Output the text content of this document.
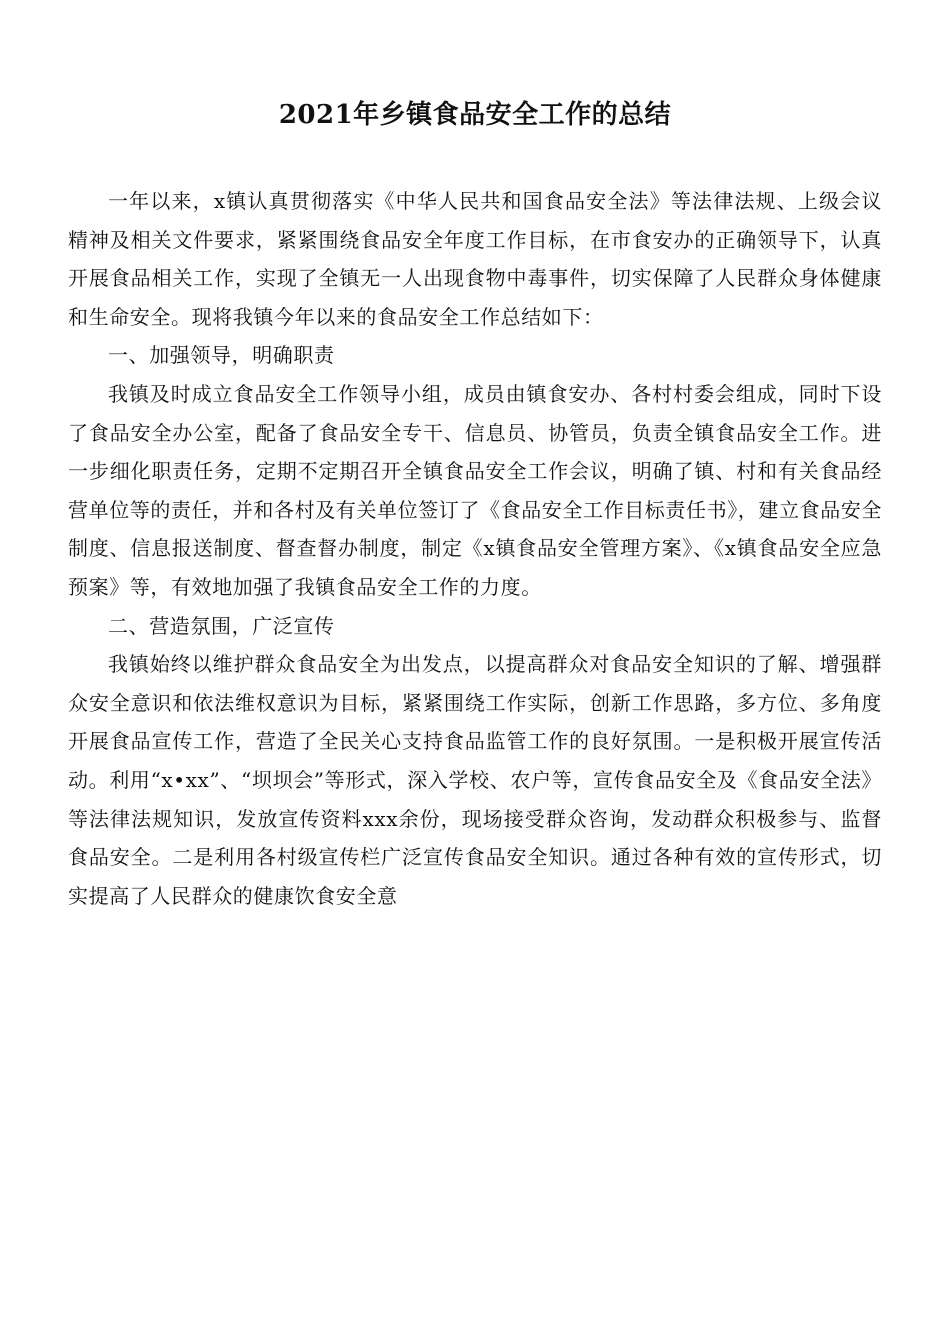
2021年乡镇食品安全工作的总结

一年以来，x镇认真贯彻落实《中华人民共和国食品安全法》等法律法规、上级会议精神及相关文件要求，紧紧围绕食品安全年度工作目标，在市食安办的正确领导下，认真开展食品相关工作，实现了全镇无一人出现食物中毒事件，切实保障了人民群众身体健康和生命安全。现将我镇今年以来的食品安全工作总结如下：

一、加强领导，明确职责

我镇及时成立食品安全工作领导小组，成员由镇食安办、各村村委会组成，同时下设了食品安全办公室，配备了食品安全专干、信息员、协管员，负责全镇食品安全工作。进一步细化职责任务，定期不定期召开全镇食品安全工作会议，明确了镇、村和有关食品经营单位等的责任，并和各村及有关单位签订了《食品安全工作目标责任书》，建立食品安全制度、信息报送制度、督查督办制度，制定《x镇食品安全管理方案》、《x镇食品安全应急预案》等，有效地加强了我镇食品安全工作的力度。

二、营造氛围，广泛宣传

我镇始终以维护群众食品安全为出发点，以提高群众对食品安全知识的了解、增强群众安全意识和依法维权意识为目标，紧紧围绕工作实际，创新工作思路，多方位、多角度开展食品宣传工作，营造了全民关心支持食品监管工作的良好氛围。一是积极开展宣传活动。利用“x•xx”、“坝坝会”等形式，深入学校、农户等，宣传食品安全及《食品安全法》等法律法规知识，发放宣传资料xxx余份，现场接受群众咨询，发动群众积极参与、监督食品安全。二是利用各村级宣传栏广泛宣传食品安全知识。通过各种有效的宣传形式，切实提高了人民群众的健康饮食安全意
